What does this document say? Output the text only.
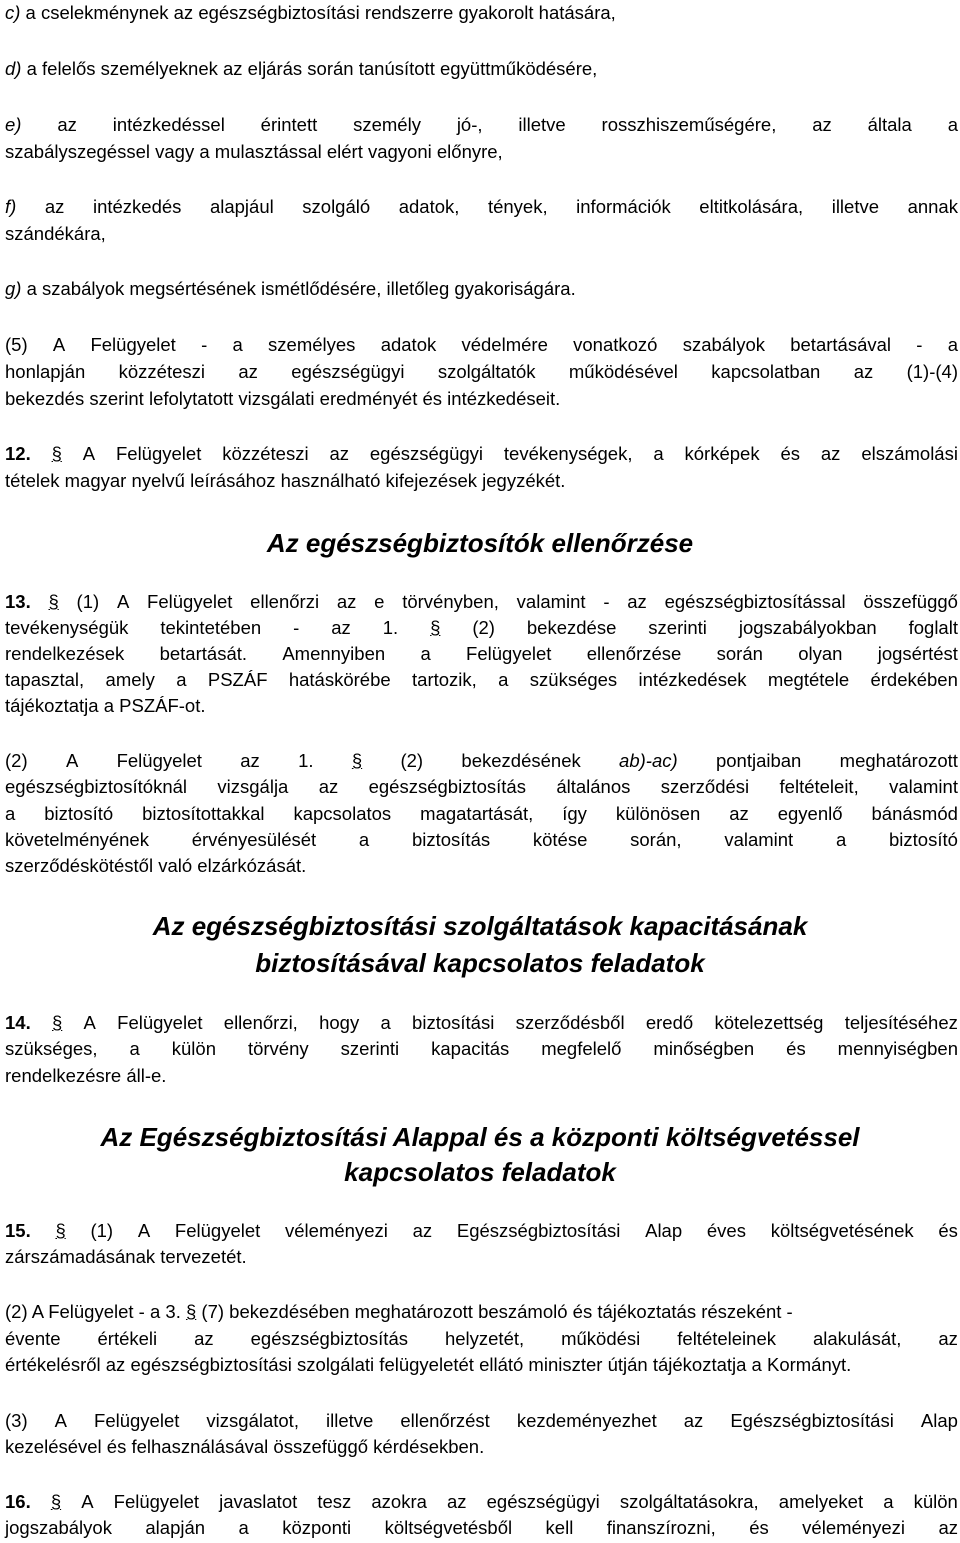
c) a cselekménynek az egészségbiztosítási rendszerre gyakorolt hatására,
d) a felelős személyeknek az eljárás során tanúsított együttműködésére,
e) az intézkedéssel érintett személy jó-, illetve rosszhiszeműségére, az általa a
szabályszegéssel vagy a mulasztással elért vagyoni előnyre,
f) az intézkedés alapjául szolgáló adatok, tények, információk eltitkolására, illetve annak
szándékára,
g) a szabályok megsértésének ismétlődésére, illetőleg gyakoriságára.
(5) A Felügyelet - a személyes adatok védelmére vonatkozó szabályok betartásával - a
honlapján közzéteszi az egészségügyi szolgáltatók működésével kapcsolatban az (1)-(4)
bekezdés szerint lefolytatott vizsgálati eredményét és intézkedéseit.
12. § A Felügyelet közzéteszi az egészségügyi tevékenységek, a kórképek és az elszámolási
tételek magyar nyelvű leírásához használható kifejezések jegyzékét.
Az egészségbiztosítók ellenőrzése
13. § (1) A Felügyelet ellenőrzi az e törvényben, valamint - az egészségbiztosítással összefüggő
tevékenységük tekintetében - az 1. § (2) bekezdése szerinti jogszabályokban foglalt
rendelkezések betartását. Amennyiben a Felügyelet ellenőrzése során olyan jogsértést
tapasztal, amely a PSZÁF hatáskörébe tartozik, a szükséges intézkedések megtétele érdekében
tájékoztatja a PSZÁF-ot.
(2) A Felügyelet az 1. § (2) bekezdésének ab)-ac) pontjaiban meghatározott
egészségbiztosítóknál vizsgálja az egészségbiztosítás általános szerződési feltételeit, valamint
a biztosító biztosítottakkal kapcsolatos magatartását, így különösen az egyenlő bánásmód
követelményének érvényesülését a biztosítás kötése során, valamint a biztosító
szerződéskötéstől való elzárkózását.
Az egészségbiztosítási szolgáltatások kapacitásának
biztosításával kapcsolatos feladatok
14. § A Felügyelet ellenőrzi, hogy a biztosítási szerződésből eredő kötelezettség teljesítéséhez
szükséges, a külön törvény szerinti kapacitás megfelelő minőségben és mennyiségben
rendelkezésre áll-e.
Az Egészségbiztosítási Alappal és a központi költségvetéssel
kapcsolatos feladatok
15. § (1) A Felügyelet véleményezi az Egészségbiztosítási Alap éves költségvetésének és
zárszámadásának tervezetét.
(2) A Felügyelet - a 3. § (7) bekezdésében meghatározott beszámoló és tájékoztatás részeként -
évente értékeli az egészségbiztosítás helyzetét, működési feltételeinek alakulását, az
értékelésről az egészségbiztosítási szolgálati felügyeletét ellátó miniszter útján tájékoztatja a Kormányt.
(3) A Felügyelet vizsgálatot, illetve ellenőrzést kezdeményezhet az Egészségbiztosítási Alap
kezelésével és felhasználásával összefüggő kérdésekben.
16. § A Felügyelet javaslatot tesz azokra az egészségügyi szolgáltatásokra, amelyeket a külön
jogszabályok alapján a központi költségvetésből kell finanszírozni, és véleményezi az
